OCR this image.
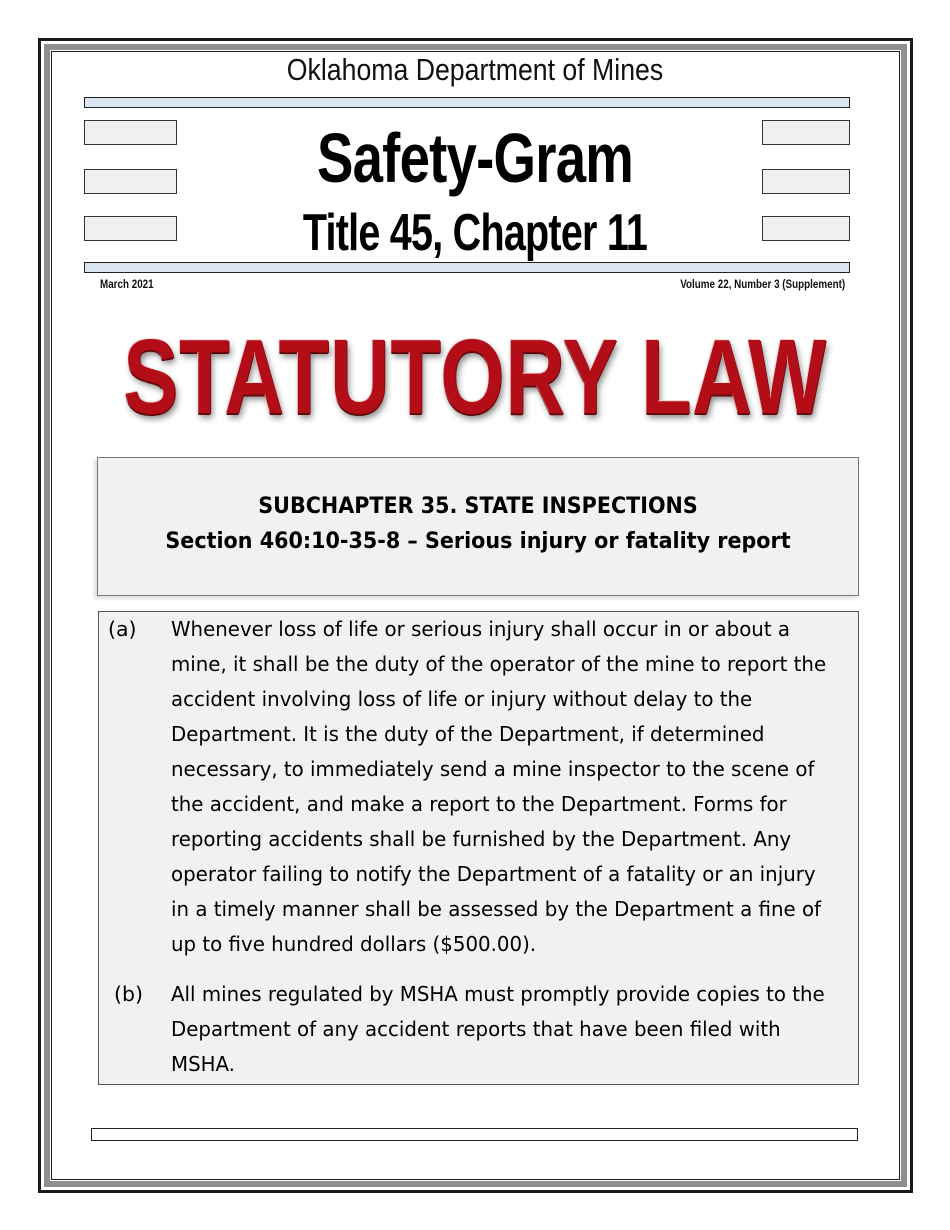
Oklahoma Department of Mines
Safety-Gram
Title 45, Chapter 11
March 2021	Volume 22, Number 3 (Supplement)
STATUTORY LAW
SUBCHAPTER 35. STATE INSPECTIONS
Section 460:10-35-8 – Serious injury or fatality report
(a) Whenever loss of life or serious injury shall occur in or about a
mine, it shall be the duty of the operator of the mine to report the
accident involving loss of life or injury without delay to the
Department. It is the duty of the Department, if determined
necessary, to immediately send a mine inspector to the scene of
the accident, and make a report to the Department. Forms for
reporting accidents shall be furnished by the Department. Any
operator failing to notify the Department of a fatality or an injury
in a timely manner shall be assessed by the Department a fine of
up to five hundred dollars ($500.00).
(b) All mines regulated by MSHA must promptly provide copies to the
Department of any accident reports that have been filed with
MSHA.
